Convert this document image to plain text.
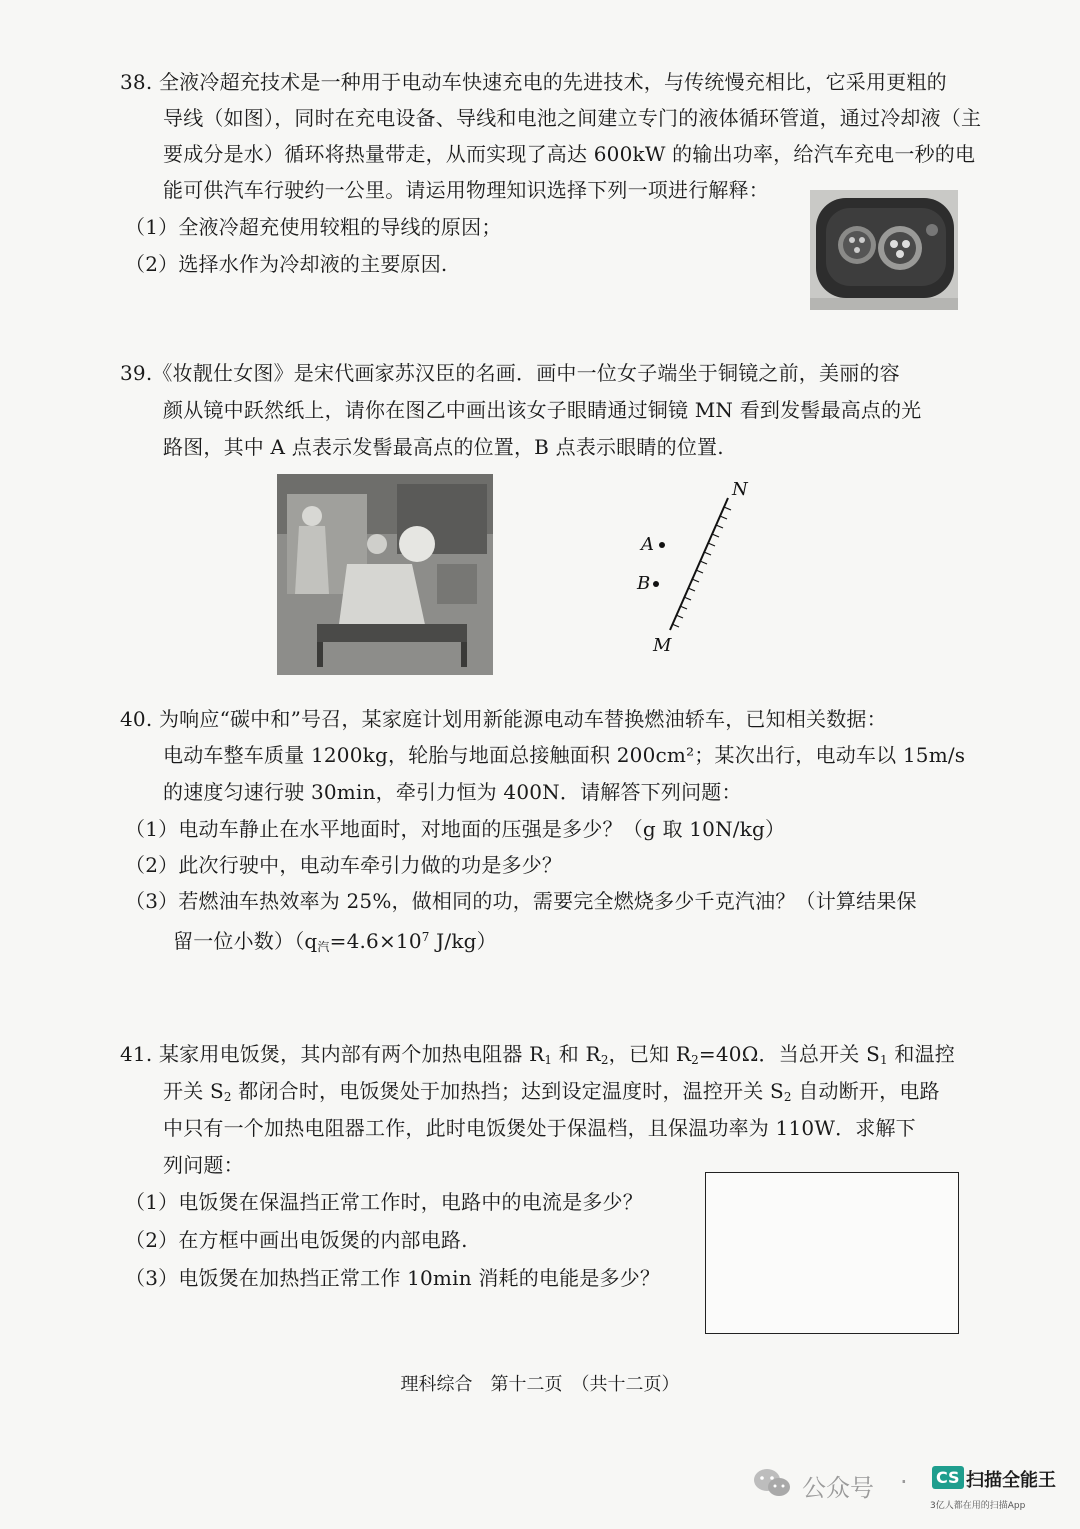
38. 全液冷超充技术是一种用于电动车快速充电的先进技术，与传统慢充相比，它采用更粗的
导线（如图），同时在充电设备、导线和电池之间建立专门的液体循环管道，通过冷却液（主
要成分是水）循环将热量带走，从而实现了高达 600kW 的输出功率，给汽车充电一秒的电
能可供汽车行驶约一公里。请运用物理知识选择下列一项进行解释：
（1）全液冷超充使用较粗的导线的原因；
（2）选择水作为冷却液的主要原因.
39.《妆靓仕女图》是宋代画家苏汉臣的名画．画中一位女子端坐于铜镜之前，美丽的容
颜从镜中跃然纸上，请你在图乙中画出该女子眼睛通过铜镜 MN 看到发髻最高点的光
路图，其中 A 点表示发髻最高点的位置，B 点表示眼睛的位置.
N
M
A
B
40. 为响应“碳中和”号召，某家庭计划用新能源电动车替换燃油轿车，已知相关数据：
电动车整车质量 1200kg，轮胎与地面总接触面积 200cm²；某次出行，电动车以 15m/s
的速度匀速行驶 30min，牵引力恒为 400N．请解答下列问题：
（1）电动车静止在水平地面时，对地面的压强是多少？（g 取 10N/kg）
（2）此次行驶中，电动车牵引力做的功是多少？
（3）若燃油车热效率为 25%，做相同的功，需要完全燃烧多少千克汽油？（计算结果保
留一位小数）（$q_汽=4.6\times 10^7$ J/kg）
41. 某家用电饭煲，其内部有两个加热电阻器 $R_1$ 和 $R_2$，已知 $R_2=40\Omega$．当总开关 $S_1$ 和温控
开关 $S_2$ 都闭合时，电饭煲处于加热挡；达到设定温度时，温控开关 $S_2$ 自动断开，电路
中只有一个加热电阻器工作，此时电饭煲处于保温档，且保温功率为 110W．求解下
列问题：
（1）电饭煲在保温挡正常工作时，电路中的电流是多少？
（2）在方框中画出电饭煲的内部电路.
（3）电饭煲在加热挡正常工作 10min 消耗的电能是多少？
理科综合　第十二页　（共十二页）
公众号 · CS 扫描全能王
3亿人都在用的扫描App
